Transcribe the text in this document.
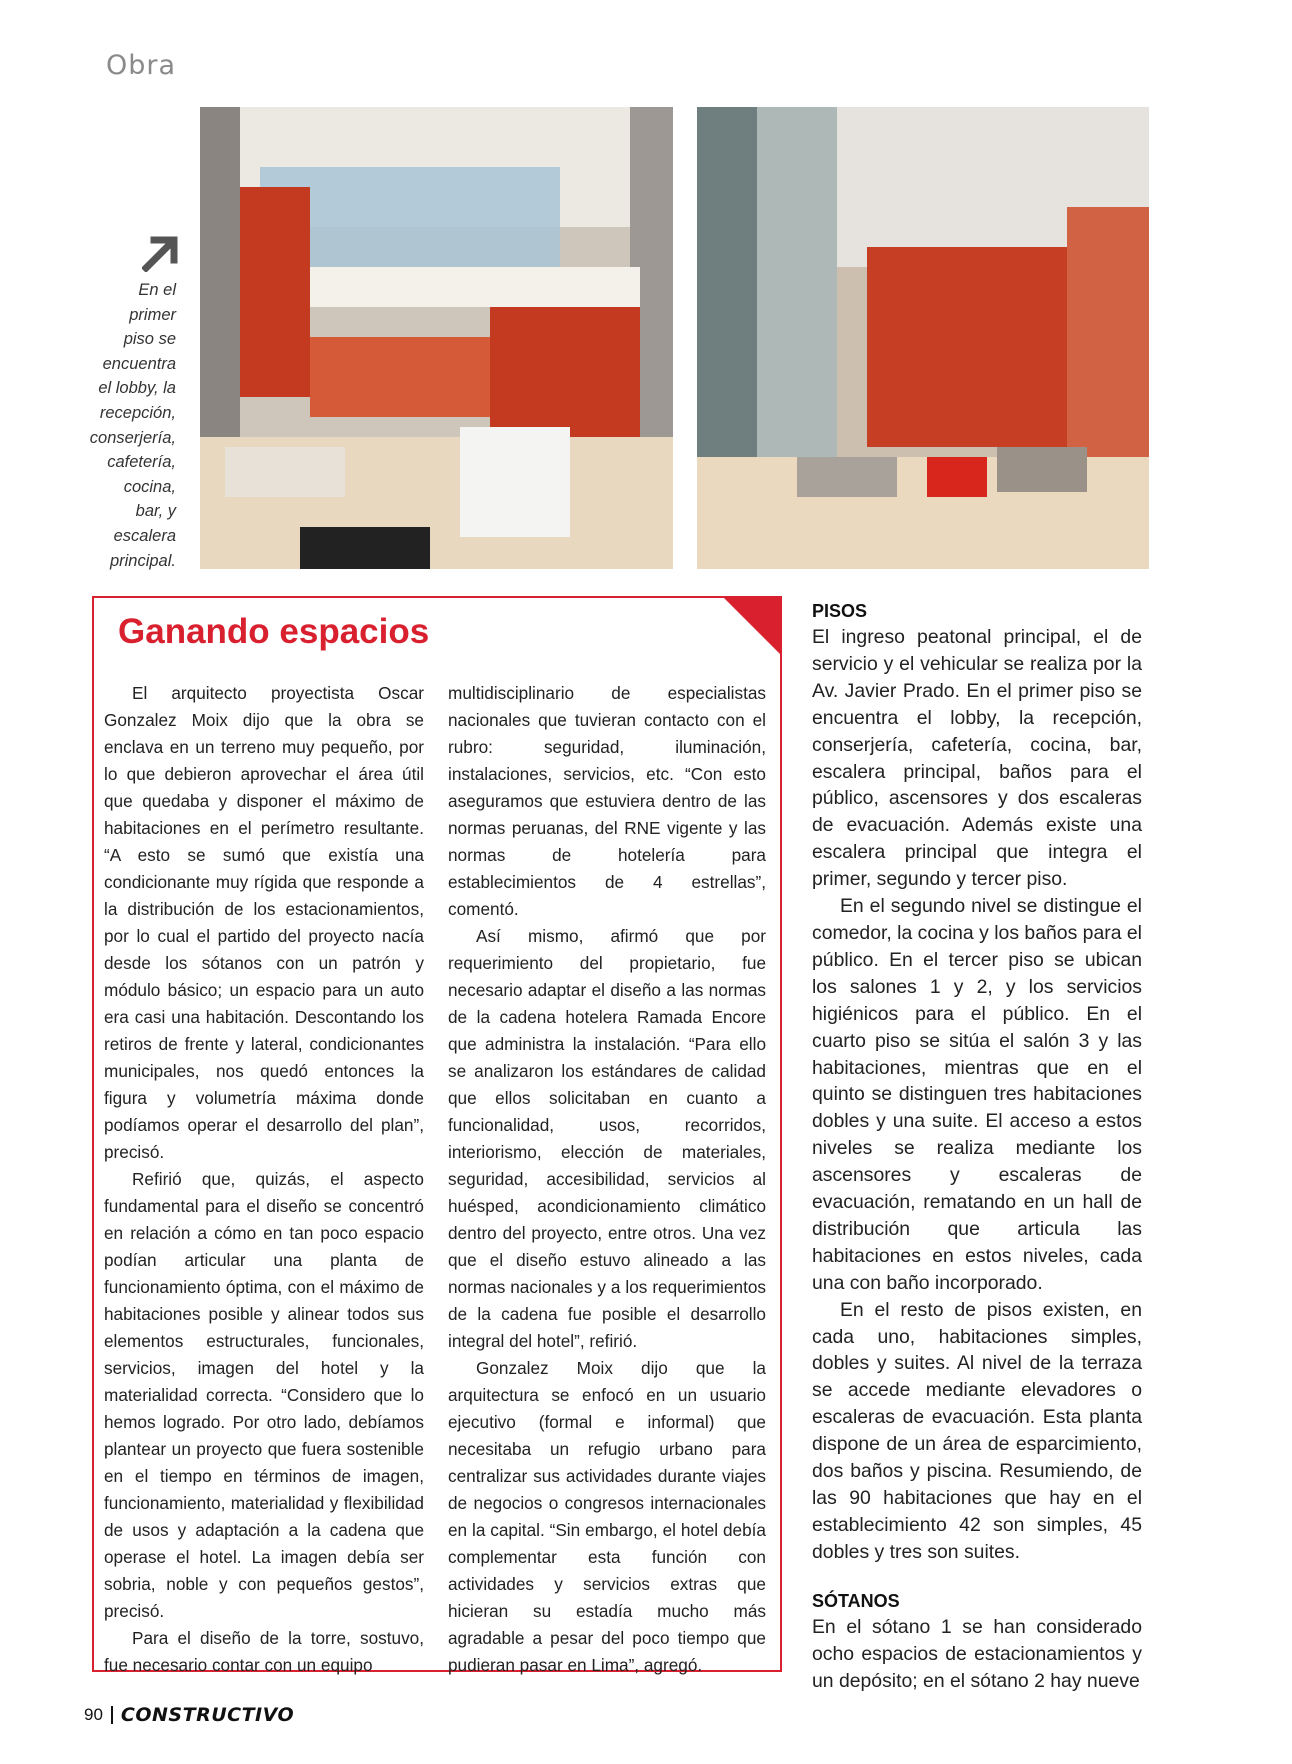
Obra
En el
primer
piso se
encuentra
el lobby, la
recepción,
conserjería,
cafetería,
cocina,
bar, y
escalera
principal.
Ganando espacios

El arquitecto proyectista Oscar Gonzalez Moix dijo que la obra se enclava en un terreno muy pequeño, por lo que debieron aprovechar el área útil que quedaba y disponer el máximo de habitaciones en el perímetro resultante. “A esto se sumó que existía una condicionante muy rígida que responde a la distribución de los estacionamientos, por lo cual el partido del proyecto nacía desde los sótanos con un patrón y módulo básico; un espacio para un auto era casi una habitación. Descontando los retiros de frente y lateral, condicionantes municipales, nos quedó entonces la figura y volumetría máxima donde podíamos operar el desarrollo del plan”, precisó.

Refirió que, quizás, el aspecto fundamental para el diseño se concentró en relación a cómo en tan poco espacio podían articular una planta de funcionamiento óptima, con el máximo de habitaciones posible y alinear todos sus elementos estructurales, funcionales, servicios, imagen del hotel y la materialidad correcta. “Considero que lo hemos logrado. Por otro lado, debíamos plantear un proyecto que fuera sostenible en el tiempo en términos de imagen, funcionamiento, materialidad y flexibilidad de usos y adaptación a la cadena que operase el hotel. La imagen debía ser sobria, noble y con pequeños gestos”, precisó.

Para el diseño de la torre, sostuvo, fue necesario contar con un equipo

multidisciplinario de especialistas nacionales que tuvieran contacto con el rubro: seguridad, iluminación, instalaciones, servicios, etc. “Con esto aseguramos que estuviera dentro de las normas peruanas, del RNE vigente y las normas de hotelería para establecimientos de 4 estrellas”, comentó.

Así mismo, afirmó que por requerimiento del propietario, fue necesario adaptar el diseño a las normas de la cadena hotelera Ramada Encore que administra la instalación. “Para ello se analizaron los estándares de calidad que ellos solicitaban en cuanto a funcionalidad, usos, recorridos, interiorismo, elección de materiales, seguridad, accesibilidad, servicios al huésped, acondicionamiento climático dentro del proyecto, entre otros. Una vez que el diseño estuvo alineado a las normas nacionales y a los requerimientos de la cadena fue posible el desarrollo integral del hotel”, refirió.

Gonzalez Moix dijo que la arquitectura se enfocó en un usuario ejecutivo (formal e informal) que necesitaba un refugio urbano para centralizar sus actividades durante viajes de negocios o congresos internacionales en la capital. “Sin embargo, el hotel debía complementar esta función con actividades y servicios extras que hicieran su estadía mucho más agradable a pesar del poco tiempo que pudieran pasar en Lima”, agregó.

PISOS

El ingreso peatonal principal, el de servicio y el vehicular se realiza por la Av. Javier Prado. En el primer piso se encuentra el lobby, la recepción, conserjería, cafetería, cocina, bar, escalera principal, baños para el público, ascensores y dos escaleras de evacuación. Además existe una escalera principal que integra el primer, segundo y tercer piso.

En el segundo nivel se distingue el comedor, la cocina y los baños para el público. En el tercer piso se ubican los salones 1 y 2, y los servicios higiénicos para el público. En el cuarto piso se sitúa el salón 3 y las habitaciones, mientras que en el quinto se distinguen tres habitaciones dobles y una suite. El acceso a estos niveles se realiza mediante los ascensores y escaleras de evacuación, rematando en un hall de distribución que articula las habitaciones en estos niveles, cada una con baño incorporado.

En el resto de pisos existen, en cada uno, habitaciones simples, dobles y suites. Al nivel de la terraza se accede mediante elevadores o escaleras de evacuación. Esta planta dispone de un área de esparcimiento, dos baños y piscina. Resumiendo, de las 90 habitaciones que hay en el establecimiento 42 son simples, 45 dobles y tres son suites.

SÓTANOS

En el sótano 1 se han considerado ocho espacios de estacionamientos y un depósito; en el sótano 2 hay nueve

90 CONSTRUCTIVO
